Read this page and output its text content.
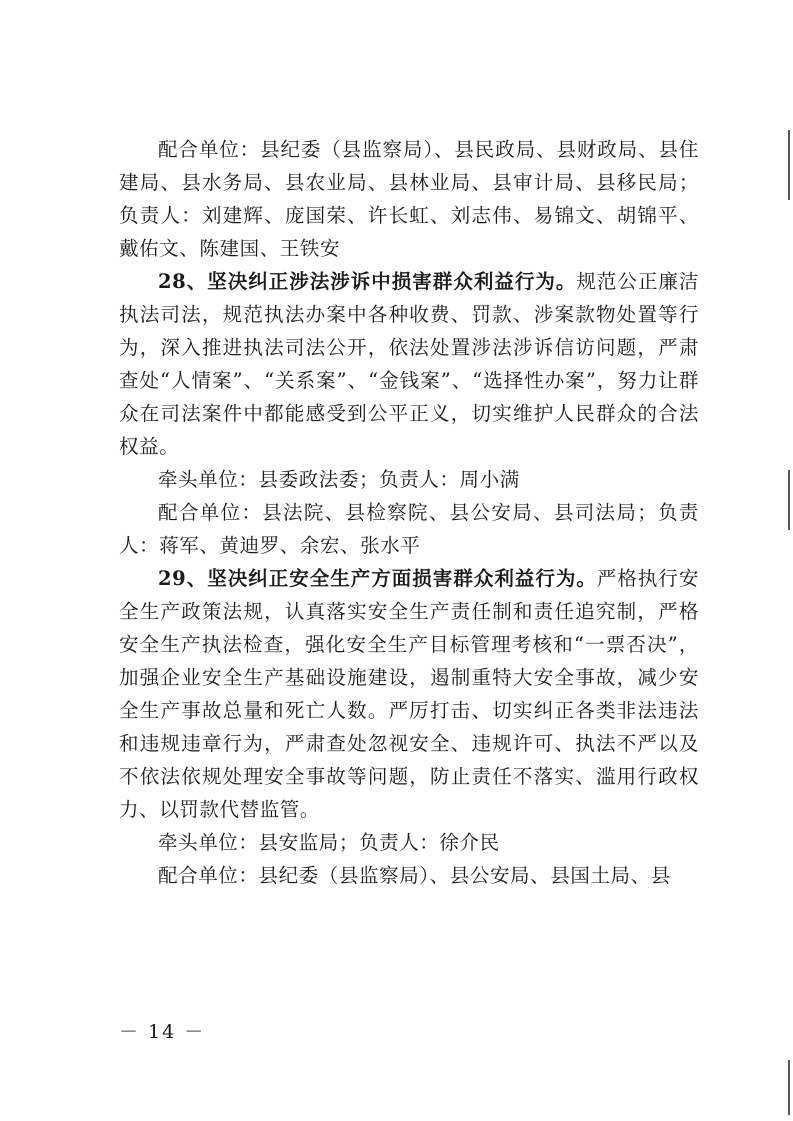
配合单位：县纪委（县监察局）、县民政局、县财政局、县住建局、县水务局、县农业局、县林业局、县审计局、县移民局；负责人：刘建辉、庞国荣、许长虹、刘志伟、易锦文、胡锦平、戴佑文、陈建国、王铁安

28、坚决纠正涉法涉诉中损害群众利益行为。规范公正廉洁执法司法，规范执法办案中各种收费、罚款、涉案款物处置等行为，深入推进执法司法公开，依法处置涉法涉诉信访问题，严肃查处“人情案”、“关系案”、“金钱案”、“选择性办案”，努力让群众在司法案件中都能感受到公平正义，切实维护人民群众的合法权益。

牵头单位：县委政法委；负责人：周小满

配合单位：县法院、县检察院、县公安局、县司法局；负责人：蒋军、黄迪罗、余宏、张水平

29、坚决纠正安全生产方面损害群众利益行为。严格执行安全生产政策法规，认真落实安全生产责任制和责任追究制，严格安全生产执法检查，强化安全生产目标管理考核和“一票否决”，加强企业安全生产基础设施建设，遏制重特大安全事故，减少安全生产事故总量和死亡人数。严厉打击、切实纠正各类非法违法和违规违章行为，严肃查处忽视安全、违规许可、执法不严以及不依法依规处理安全事故等问题，防止责任不落实、滥用行政权力、以罚款代替监管。

牵头单位：县安监局；负责人：徐介民

配合单位：县纪委（县监察局）、县公安局、县国土局、县

－ 14 －
